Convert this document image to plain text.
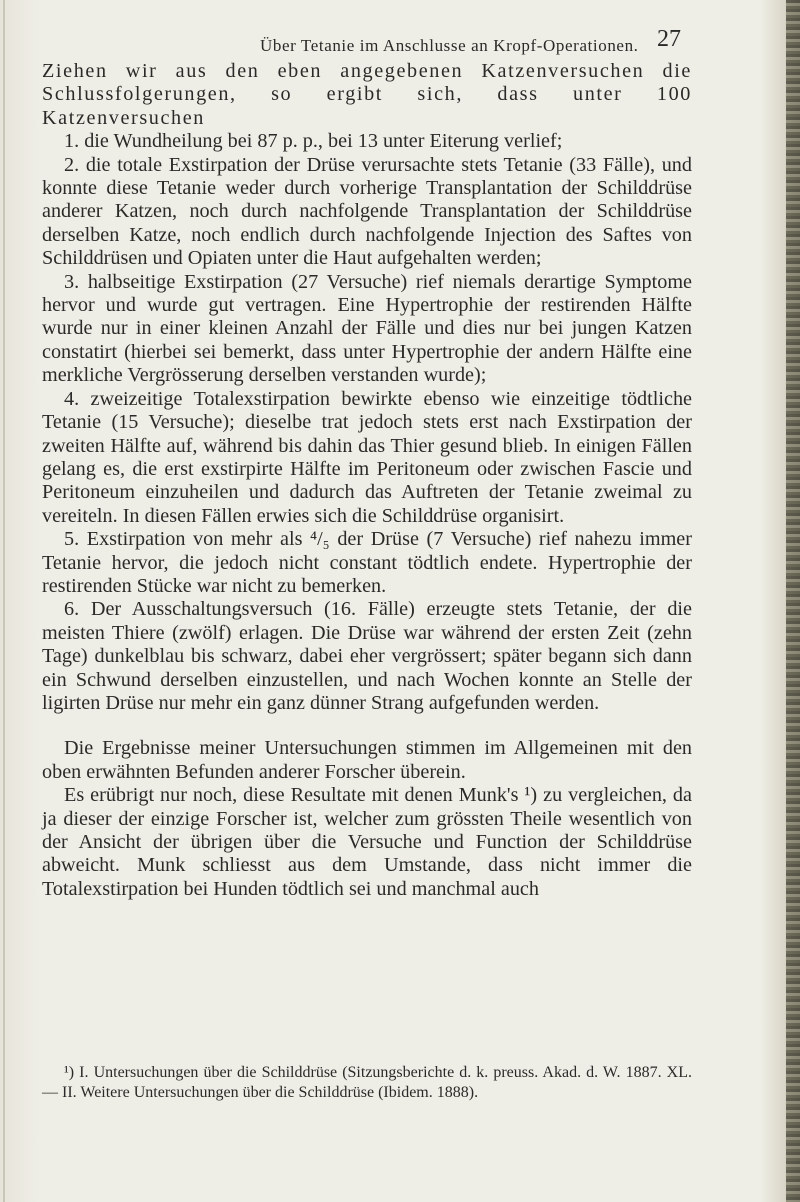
Über Tetanie im Anschlusse an Kropf-Operationen. 27

Ziehen wir aus den eben angegebenen Katzenversuchen die Schlussfolgerungen, so ergibt sich, dass unter 100 Katzenversuchen

1. die Wundheilung bei 87 p. p., bei 13 unter Eiterung verlief;

2. die totale Exstirpation der Drüse verursachte stets Tetanie (33 Fälle), und konnte diese Tetanie weder durch vorherige Transplantation der Schilddrüse anderer Katzen, noch durch nachfolgende Transplantation der Schilddrüse derselben Katze, noch endlich durch nachfolgende Injection des Saftes von Schilddrüsen und Opiaten unter die Haut aufgehalten werden;

3. halbseitige Exstirpation (27 Versuche) rief niemals derartige Symptome hervor und wurde gut vertragen. Eine Hypertrophie der restirenden Hälfte wurde nur in einer kleinen Anzahl der Fälle und dies nur bei jungen Katzen constatirt (hierbei sei bemerkt, dass unter Hypertrophie der andern Hälfte eine merkliche Vergrösserung derselben verstanden wurde);

4. zweizeitige Totalexstirpation bewirkte ebenso wie einzeitige tödtliche Tetanie (15 Versuche); dieselbe trat jedoch stets erst nach Exstirpation der zweiten Hälfte auf, während bis dahin das Thier gesund blieb. In einigen Fällen gelang es, die erst exstirpirte Hälfte im Peritoneum oder zwischen Fascie und Peritoneum einzuheilen und dadurch das Auftreten der Tetanie zweimal zu vereiteln. In diesen Fällen erwies sich die Schilddrüse organisirt.

5. Exstirpation von mehr als ⁴/₅ der Drüse (7 Versuche) rief nahezu immer Tetanie hervor, die jedoch nicht constant tödtlich endete. Hypertrophie der restirenden Stücke war nicht zu bemerken.

6. Der Ausschaltungsversuch (16. Fälle) erzeugte stets Tetanie, der die meisten Thiere (zwölf) erlagen. Die Drüse war während der ersten Zeit (zehn Tage) dunkelblau bis schwarz, dabei eher vergrössert; später begann sich dann ein Schwund derselben einzustellen, und nach Wochen konnte an Stelle der ligirten Drüse nur mehr ein ganz dünner Strang aufgefunden werden.

Die Ergebnisse meiner Untersuchungen stimmen im Allgemeinen mit den oben erwähnten Befunden anderer Forscher überein.

Es erübrigt nur noch, diese Resultate mit denen Munk's ¹) zu vergleichen, da ja dieser der einzige Forscher ist, welcher zum grössten Theile wesentlich von der Ansicht der übrigen über die Versuche und Function der Schilddrüse abweicht. Munk schliesst aus dem Umstande, dass nicht immer die Totalexstirpation bei Hunden tödtlich sei und manchmal auch

¹) I. Untersuchungen über die Schilddrüse (Sitzungsberichte d. k. preuss. Akad. d. W. 1887. XL. — II. Weitere Untersuchungen über die Schilddrüse (Ibidem. 1888).
